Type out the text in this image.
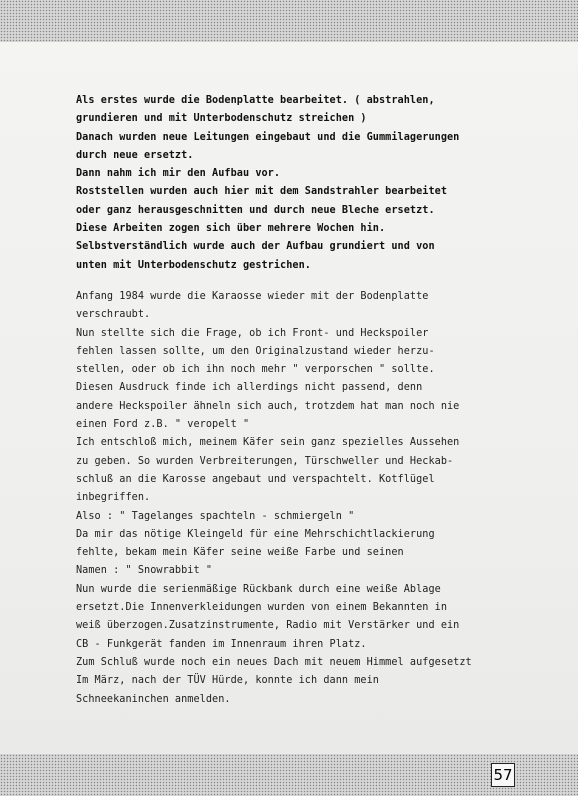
Als erstes wurde die Bodenplatte bearbeitet. ( abstrahlen,
grundieren und mit Unterbodenschutz streichen )
Danach wurden neue Leitungen eingebaut und die Gummilagerungen
durch neue ersetzt.
Dann nahm ich mir den Aufbau vor.
Roststellen wurden auch hier mit dem Sandstrahler bearbeitet
oder ganz herausgeschnitten und durch neue Bleche ersetzt.
Diese Arbeiten zogen sich über mehrere Wochen hin.
Selbstverständlich wurde auch der Aufbau grundiert und von
unten mit Unterbodenschutz gestrichen.
Anfang 1984 wurde die Karaosse wieder mit der Bodenplatte
verschraubt.
Nun stellte sich die Frage, ob ich Front- und Heckspoiler
fehlen lassen sollte, um den Originalzustand wieder herzu-
stellen, oder ob ich ihn noch mehr " verporschen " sollte.
Diesen Ausdruck finde ich allerdings nicht passend, denn
andere Heckspoiler ähneln sich auch, trotzdem hat man noch nie
einen Ford z.B. " veropelt "
Ich entschloß mich, meinem Käfer sein ganz spezielles Aussehen
zu geben. So wurden Verbreiterungen, Türschweller und Heckab-
schluß an die Karosse angebaut und verspachtelt. Kotflügel
inbegriffen.
Also : " Tagelanges spachteln - schmiergeln "
Da mir das nötige Kleingeld für eine Mehrschichtlackierung
fehlte, bekam mein Käfer seine weiße Farbe und seinen
Namen : " Snowrabbit "
Nun wurde die serienmäßige Rückbank durch eine weiße Ablage
ersetzt.Die Innenverkleidungen wurden von einem Bekannten in
weiß überzogen.Zusatzinstrumente, Radio mit Verstärker und ein
CB - Funkgerät fanden im Innenraum ihren Platz.
Zum Schluß wurde noch ein neues Dach mit neuem Himmel aufgesetzt
Im März, nach der TÜV Hürde, konnte ich dann mein
Schneekaninchen anmelden.
57
